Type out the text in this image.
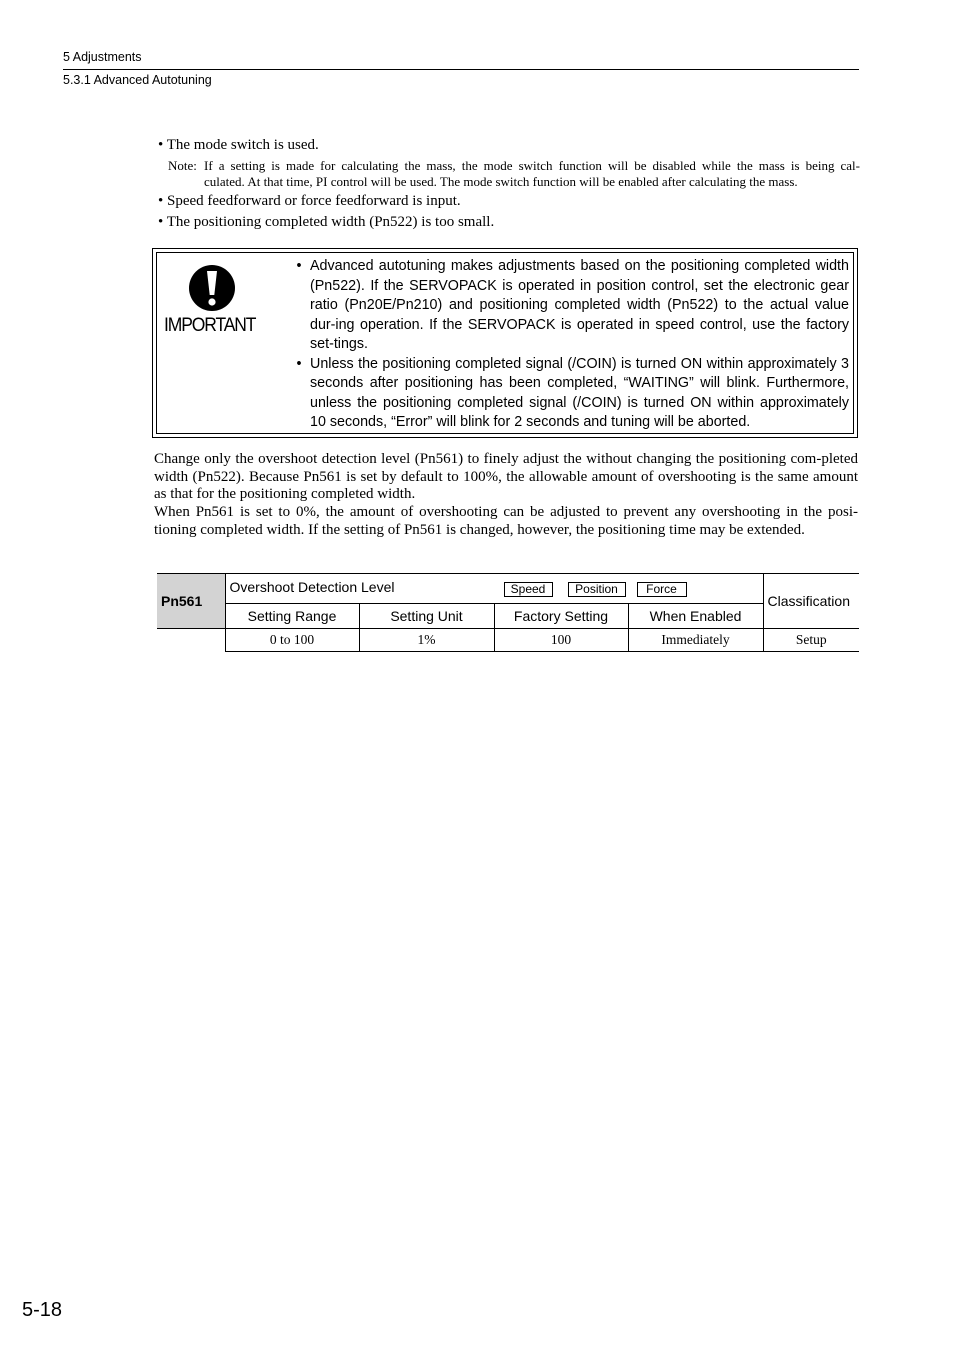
5 Adjustments
5.3.1 Advanced Autotuning
• The mode switch is used.
Note: If a setting is made for calculating the mass, the mode switch function will be disabled while the mass is being cal-
culated. At that time, PI control will be used. The mode switch function will be enabled after calculating the mass.
• Speed feedforward or force feedforward is input.
• The positioning completed width (Pn522) is too small.
IMPORTANT
• Advanced autotuning makes adjustments based on the positioning completed width (Pn522). If the SERVOPACK is operated in position control, set the electronic gear ratio (Pn20E/Pn210) and positioning completed width (Pn522) to the actual value dur-ing operation. If the SERVOPACK is operated in speed control, use the factory set-tings.
• Unless the positioning completed signal (/COIN) is turned ON within approximately 3 seconds after positioning has been completed, “WAITING” will blink. Furthermore, unless the positioning completed signal (/COIN) is turned ON within approximately 10 seconds, “Error” will blink for 2 seconds and tuning will be aborted.
Change only the overshoot detection level (Pn561) to finely adjust the without changing the positioning com-pleted width (Pn522). Because Pn561 is set by default to 100%, the allowable amount of overshooting is the same amount as that for the positioning completed width.
When Pn561 is set to 0%, the amount of overshooting can be adjusted to prevent any overshooting in the posi-tioning completed width. If the setting of Pn561 is changed, however, the positioning time may be extended.
Pn561	Overshoot Detection Level Speed Position Force				Classification
	Setting Range	Setting Unit	Factory Setting	When Enabled	
	0 to 100	1%	100	Immediately	Setup
5-18
